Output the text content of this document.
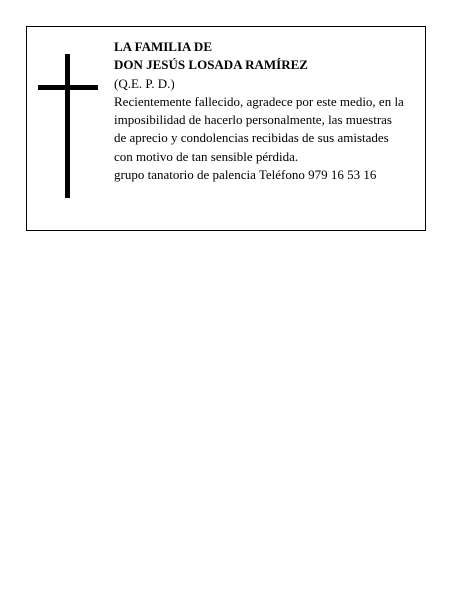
LA FAMILIA DE
DON JESÚS LOSADA RAMÍREZ
(Q.E. P. D.)
Recientemente fallecido, agradece por este medio, en la
imposibilidad de hacerlo personalmente, las muestras
de aprecio y condolencias recibidas de sus amistades
con motivo de tan sensible pérdida.
grupo tanatorio de palencia Teléfono 979 16 53 16
